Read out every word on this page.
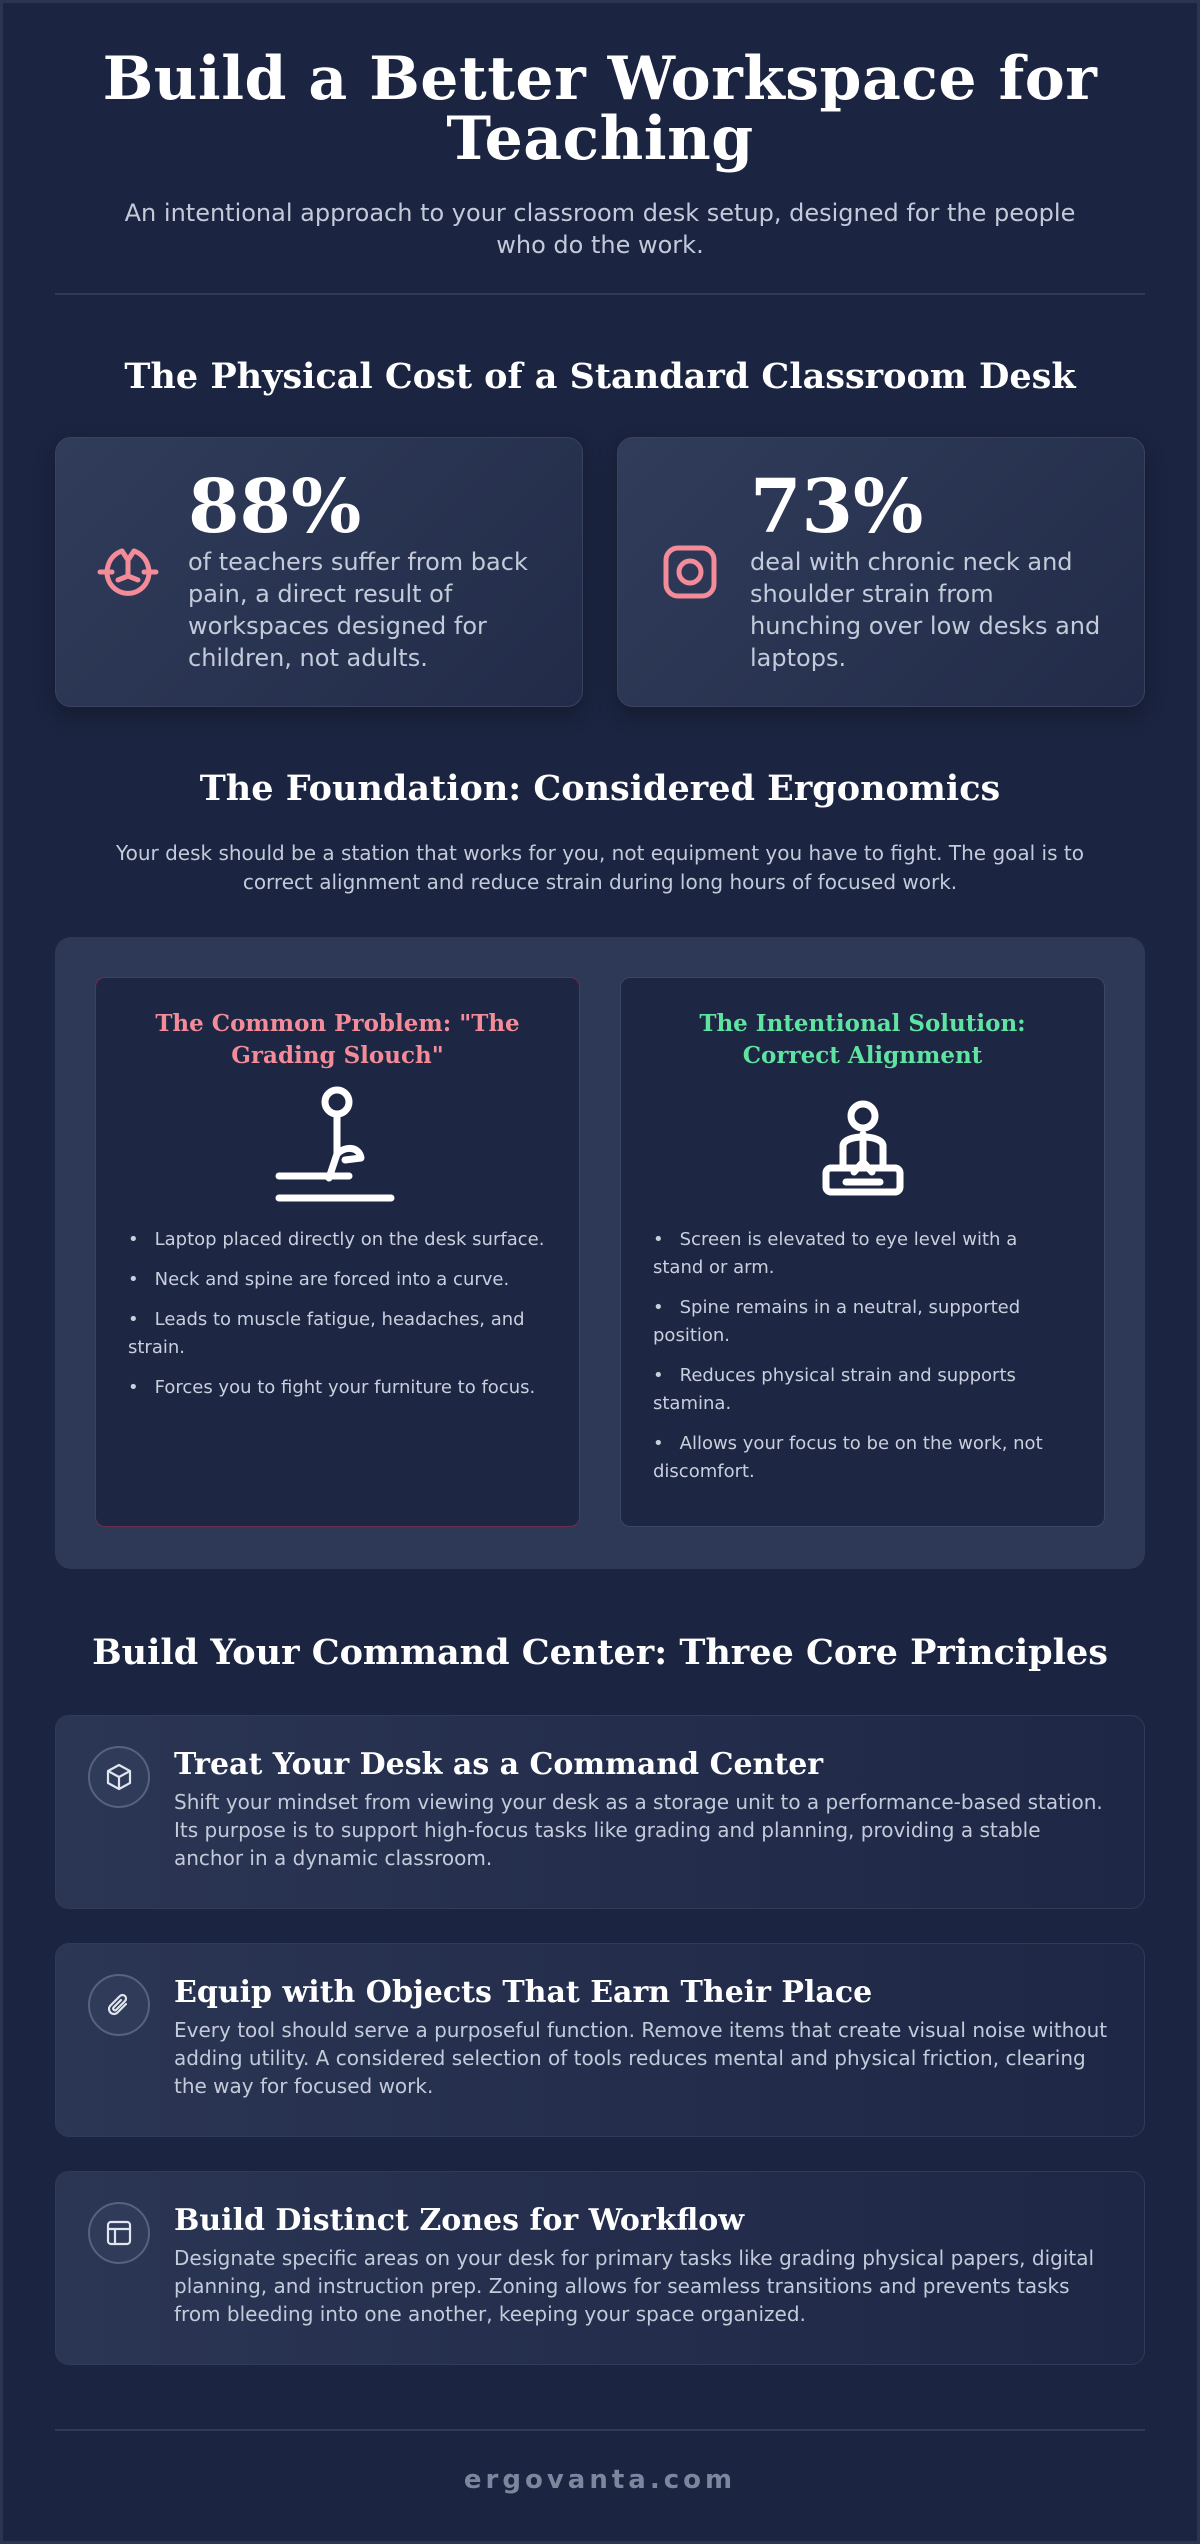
Build a Better Workspace for Teaching

An intentional approach to your classroom desk setup, designed for the people who do the work.

The Physical Cost of a Standard Classroom Desk
88%
of teachers suffer from back pain, a direct result of workspaces designed for children, not adults.
73%
deal with chronic neck and shoulder strain from hunching over low desks and laptops.
The Foundation: Considered Ergonomics

Your desk should be a station that works for you, not equipment you have to fight. The goal is to correct alignment and reduce strain during long hours of focused work.

The Common Problem: "The Grading Slouch"
• Laptop placed directly on the desk surface.
• Neck and spine are forced into a curve.
• Leads to muscle fatigue, headaches, and strain.
• Forces you to fight your furniture to focus.
The Intentional Solution: Correct Alignment
• Screen is elevated to eye level with a stand or arm.
• Spine remains in a neutral, supported position.
• Reduces physical strain and supports stamina.
• Allows your focus to be on the work, not discomfort.
Build Your Command Center: Three Core Principles
Treat Your Desk as a Command Center

Shift your mindset from viewing your desk as a storage unit to a performance-based station. Its purpose is to support high-focus tasks like grading and planning, providing a stable anchor in a dynamic classroom.

Equip with Objects That Earn Their Place

Every tool should serve a purposeful function. Remove items that create visual noise without adding utility. A considered selection of tools reduces mental and physical friction, clearing the way for focused work.

Build Distinct Zones for Workflow

Designate specific areas on your desk for primary tasks like grading physical papers, digital planning, and instruction prep. Zoning allows for seamless transitions and prevents tasks from bleeding into one another, keeping your space organized.

ergovanta.com
